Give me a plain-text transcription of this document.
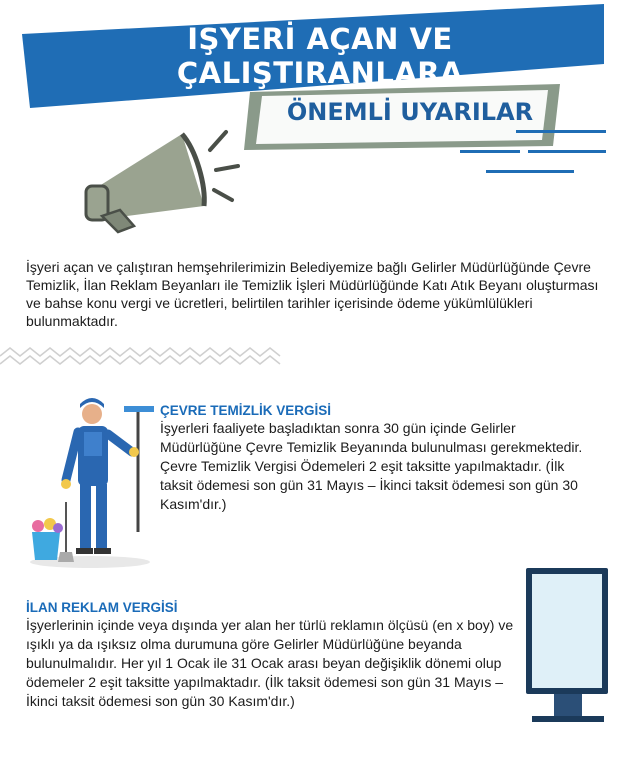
İŞYERİ AÇAN VE ÇALIŞTIRANLARA
ÖNEMLİ UYARILAR
İşyeri açan ve çalıştıran hemşehrilerimizin Belediyemize bağlı Gelirler Müdürlüğünde Çevre Temizlik, İlan Reklam Beyanları ile Temizlik İşleri Müdürlüğünde Katı Atık Beyanı oluşturması ve bahse konu vergi ve ücretleri, belirtilen tarihler içerisinde ödeme yükümlülükleri bulunmaktadır.
ÇEVRE TEMİZLİK VERGİSİ
İşyerleri faaliyete başladıktan sonra 30 gün içinde Gelirler Müdürlüğüne Çevre Temizlik Beyanında bulunulması gerekmektedir. Çevre Temizlik Vergisi Ödemeleri 2 eşit taksitte yapılmaktadır. (İlk taksit ödemesi son gün 31 Mayıs – İkinci taksit ödemesi son gün 30 Kasım'dır.)
İLAN REKLAM VERGİSİ
İşyerlerinin içinde veya dışında yer alan her türlü reklamın ölçüsü (en x boy) ve ışıklı ya da ışıksız olma durumuna göre Gelirler Müdürlüğüne beyanda bulunulmalıdır. Her yıl 1 Ocak ile 31 Ocak arası beyan değişiklik dönemi olup ödemeler 2 eşit taksitte yapılmaktadır. (İlk taksit ödemesi son gün 31 Mayıs – İkinci taksit ödemesi son gün 30 Kasım'dır.)
